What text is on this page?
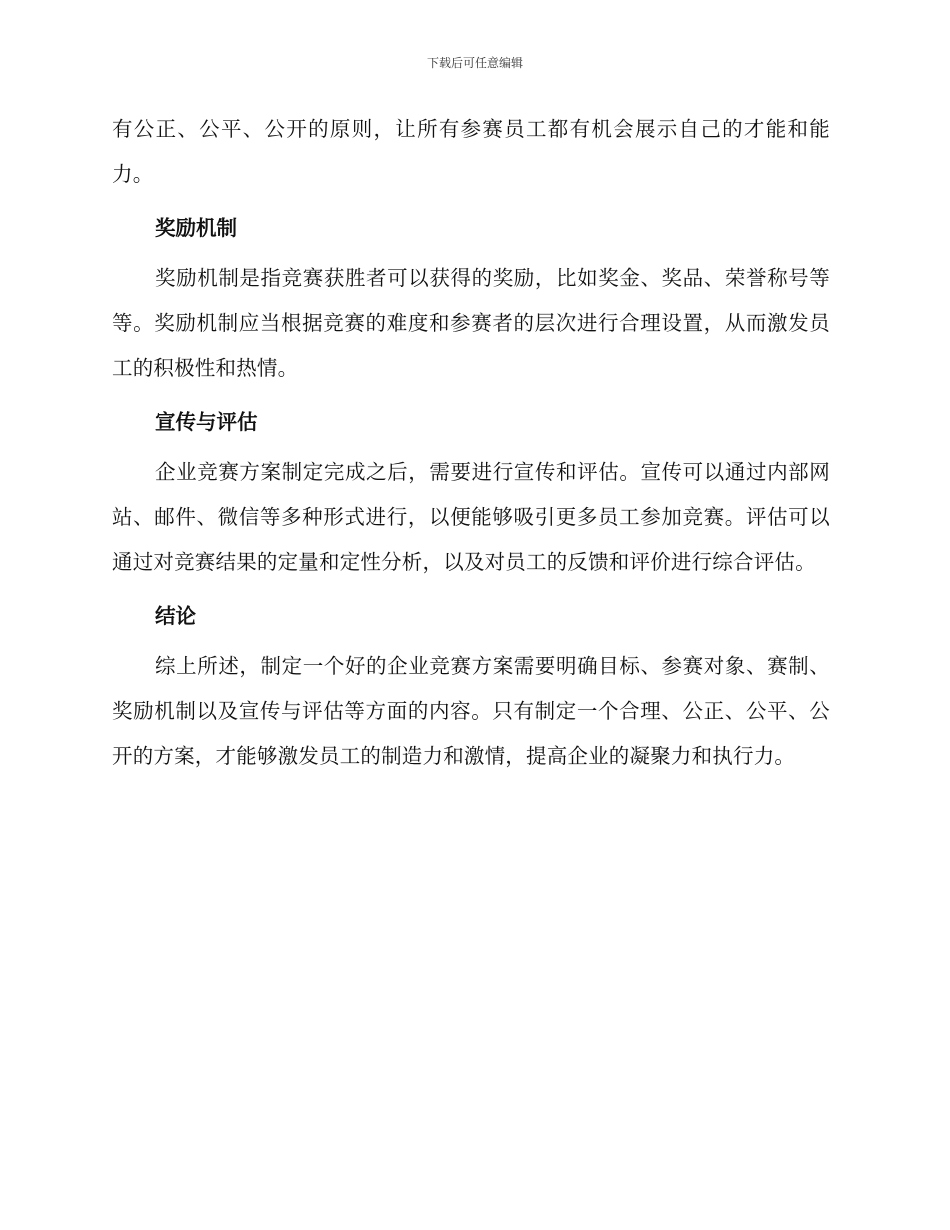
下载后可任意编辑

有公正、公平、公开的原则，让所有参赛员工都有机会展示自己的才能和能力。

奖励机制

奖励机制是指竞赛获胜者可以获得的奖励，比如奖金、奖品、荣誉称号等等。奖励机制应当根据竞赛的难度和参赛者的层次进行合理设置，从而激发员工的积极性和热情。

宣传与评估

企业竞赛方案制定完成之后，需要进行宣传和评估。宣传可以通过内部网站、邮件、微信等多种形式进行，以便能够吸引更多员工参加竞赛。评估可以通过对竞赛结果的定量和定性分析，以及对员工的反馈和评价进行综合评估。

结论

综上所述，制定一个好的企业竞赛方案需要明确目标、参赛对象、赛制、奖励机制以及宣传与评估等方面的内容。只有制定一个合理、公正、公平、公开的方案，才能够激发员工的制造力和激情，提高企业的凝聚力和执行力。
